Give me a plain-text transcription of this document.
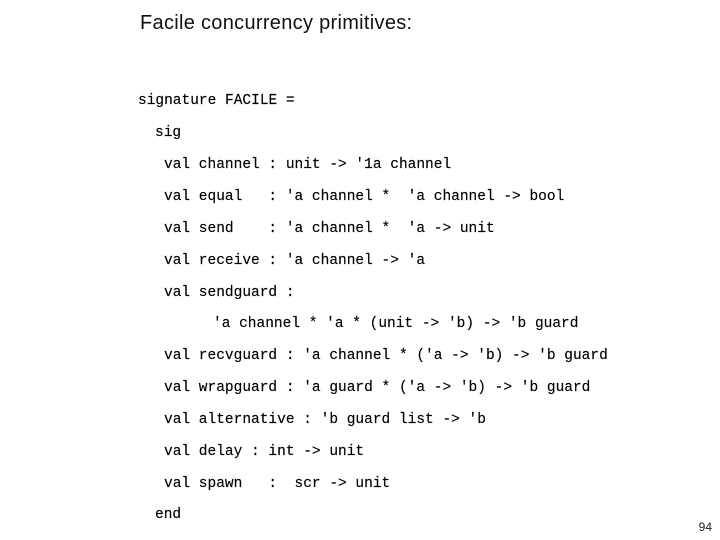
Facile concurrency primitives:
signature FACILE =
sig
val channel : unit -> '1a channel
val equal   : 'a channel *  'a channel -> bool
val send    : 'a channel *  'a -> unit
val receive : 'a channel -> 'a
val sendguard :
'a channel * 'a * (unit -> 'b) -> 'b guard
val recvguard : 'a channel * ('a -> 'b) -> 'b guard
val wrapguard : 'a guard * ('a -> 'b) -> 'b guard
val alternative : 'b guard list -> 'b
val delay : int -> unit
val spawn   :  scr -> unit
end
94
